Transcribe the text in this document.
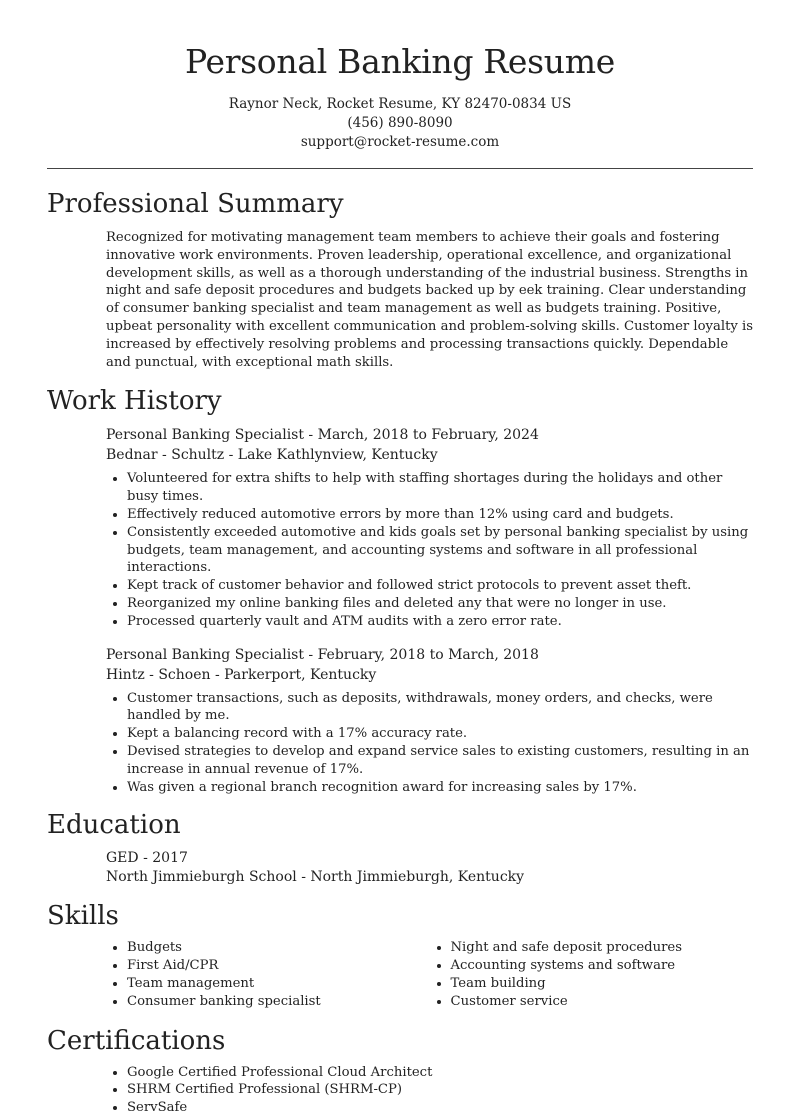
Personal Banking Resume
Raynor Neck, Rocket Resume, KY 82470-0834 US
(456) 890-8090
support@rocket-resume.com
Professional Summary
Recognized for motivating management team members to achieve their goals and fostering innovative work environments. Proven leadership, operational excellence, and organizational development skills, as well as a thorough understanding of the industrial business. Strengths in night and safe deposit procedures and budgets backed up by eek training. Clear understanding of consumer banking specialist and team management as well as budgets training. Positive, upbeat personality with excellent communication and problem-solving skills. Customer loyalty is increased by effectively resolving problems and processing transactions quickly. Dependable and punctual, with exceptional math skills.
Work History
Personal Banking Specialist - March, 2018 to February, 2024
Bednar - Schultz - Lake Kathlynview, Kentucky
• Volunteered for extra shifts to help with staffing shortages during the holidays and other busy times.
• Effectively reduced automotive errors by more than 12% using card and budgets.
• Consistently exceeded automotive and kids goals set by personal banking specialist by using budgets, team management, and accounting systems and software in all professional interactions.
• Kept track of customer behavior and followed strict protocols to prevent asset theft.
• Reorganized my online banking files and deleted any that were no longer in use.
• Processed quarterly vault and ATM audits with a zero error rate.
Personal Banking Specialist - February, 2018 to March, 2018
Hintz - Schoen - Parkerport, Kentucky
• Customer transactions, such as deposits, withdrawals, money orders, and checks, were handled by me.
• Kept a balancing record with a 17% accuracy rate.
• Devised strategies to develop and expand service sales to existing customers, resulting in an increase in annual revenue of 17%.
• Was given a regional branch recognition award for increasing sales by 17%.
Education
GED - 2017
North Jimmieburgh School - North Jimmieburgh, Kentucky
Skills
• Budgets
• First Aid/CPR
• Team management
• Consumer banking specialist
• Night and safe deposit procedures
• Accounting systems and software
• Team building
• Customer service
Certifications
• Google Certified Professional Cloud Architect
• SHRM Certified Professional (SHRM-CP)
• ServSafe
